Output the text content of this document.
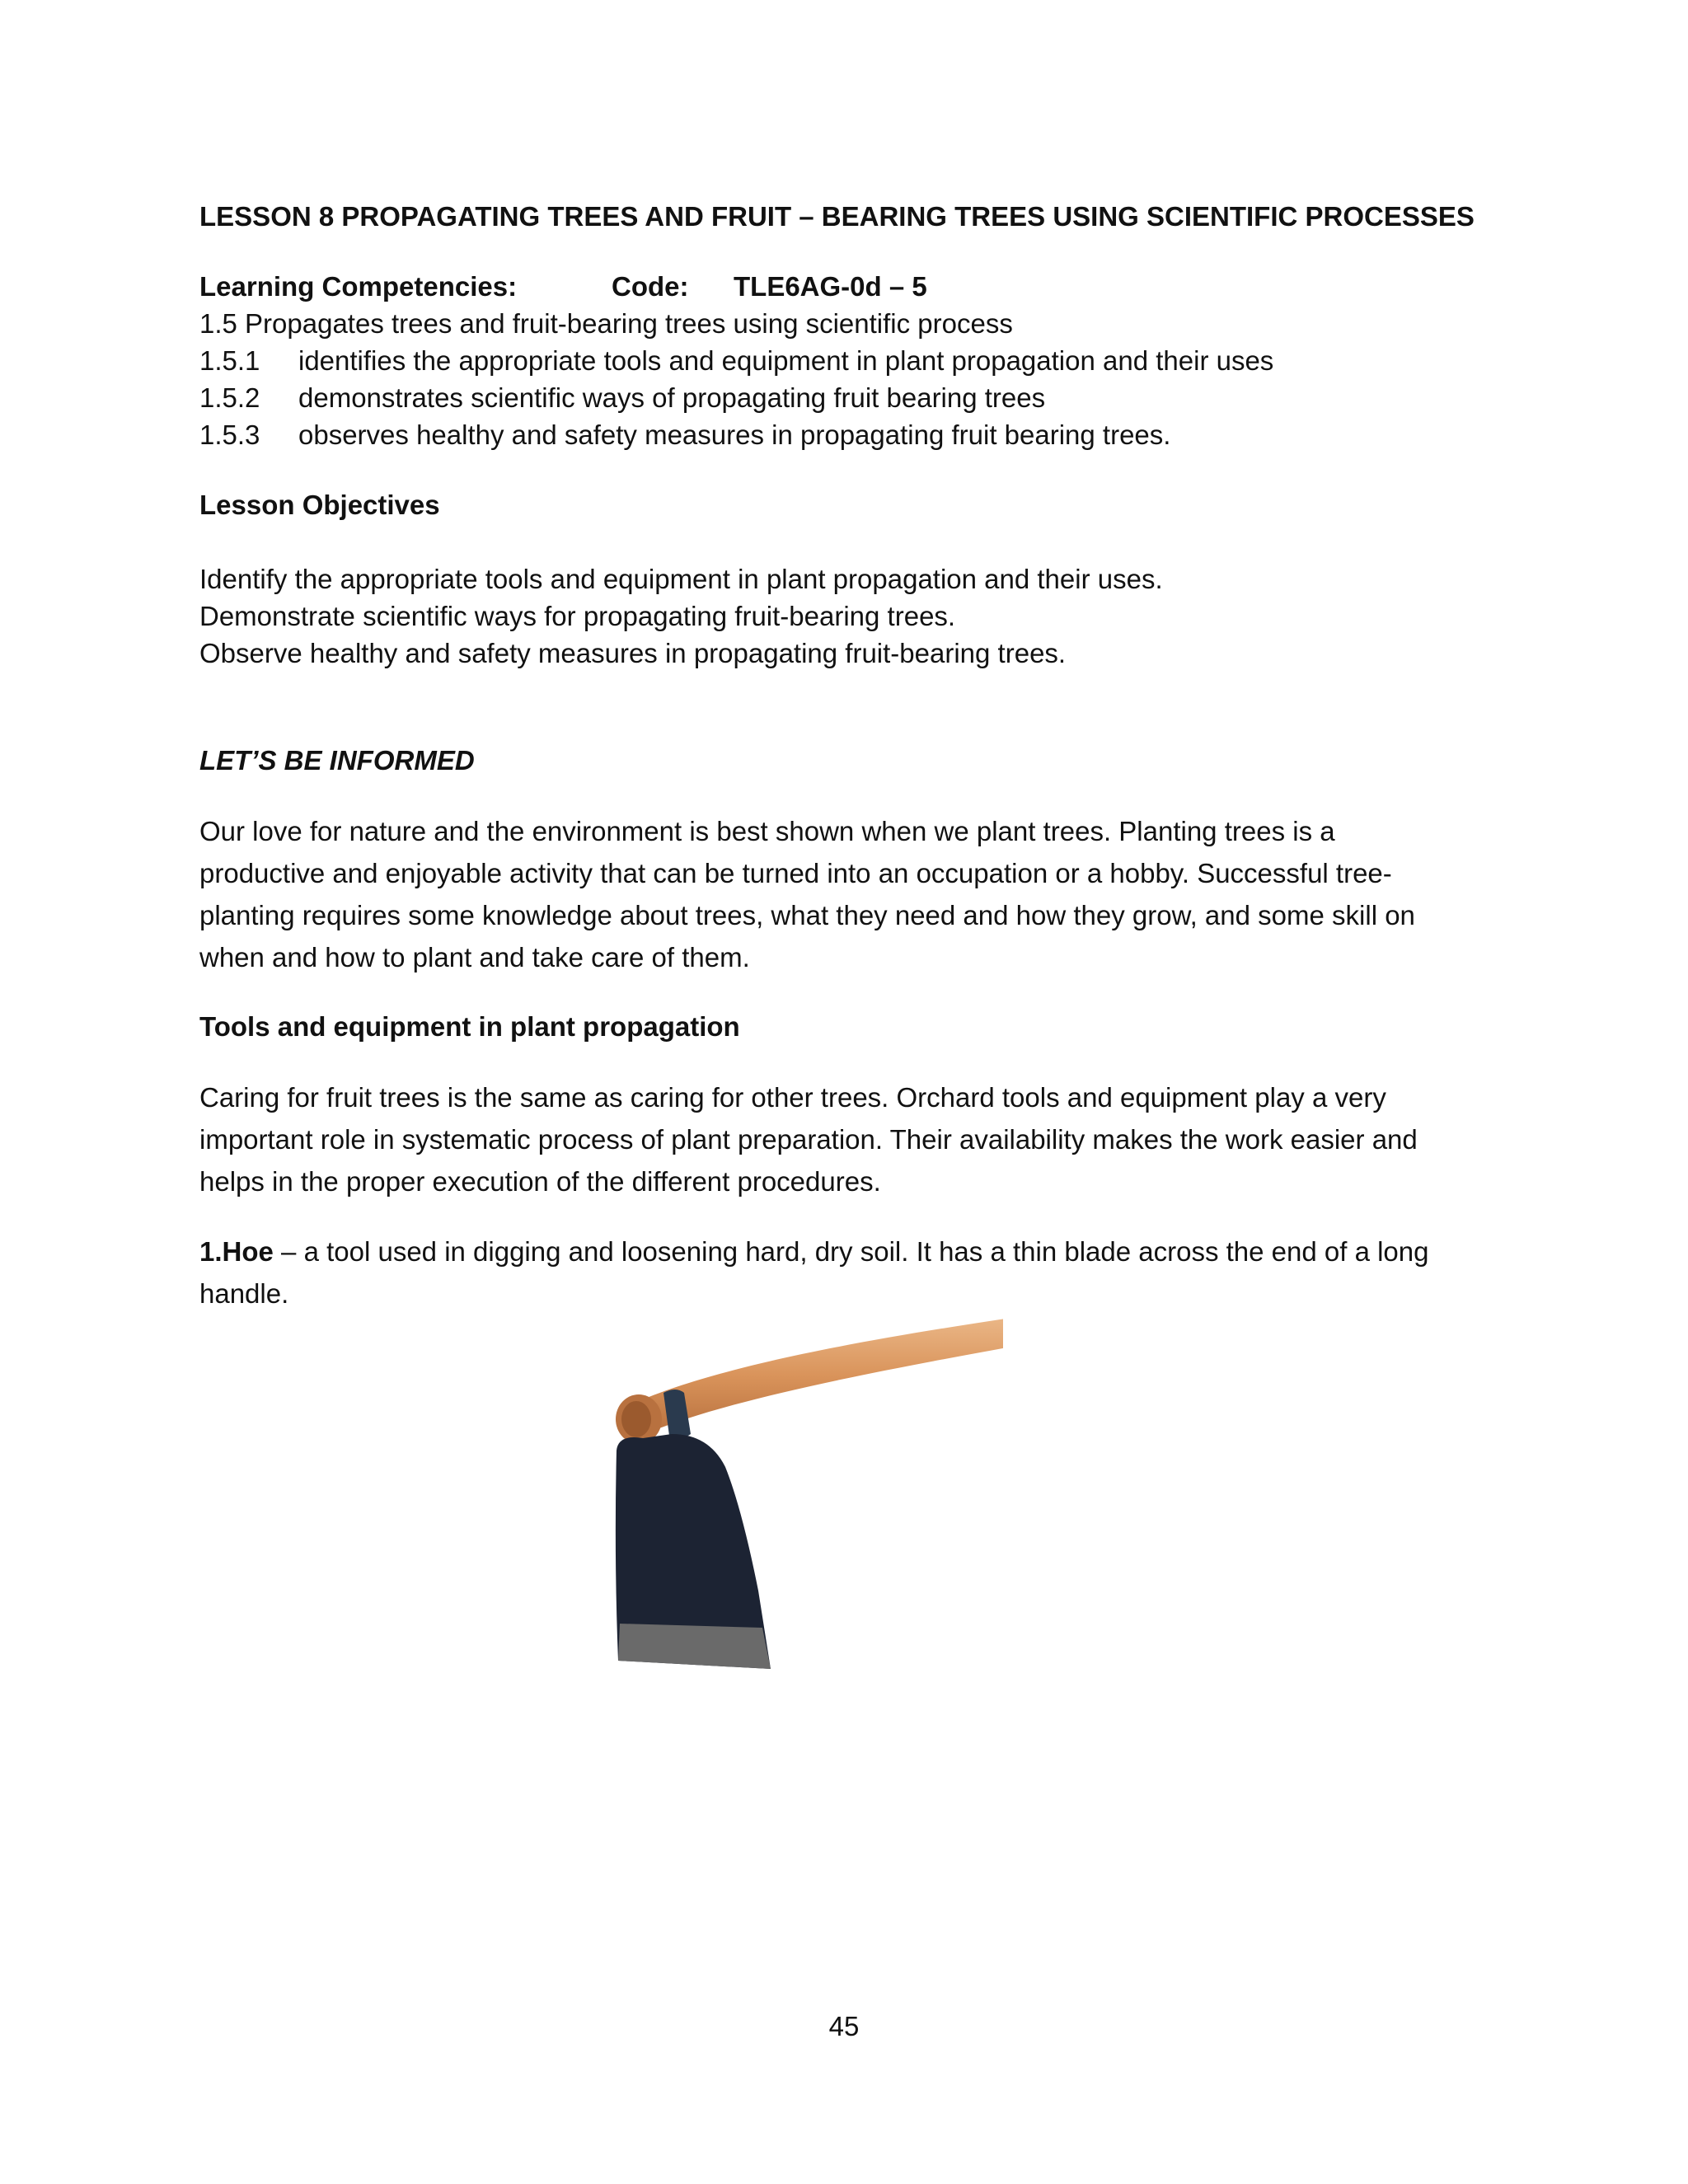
LESSON 8 PROPAGATING TREES AND FRUIT – BEARING TREES USING SCIENTIFIC PROCESSES

Learning Competencies:	Code:	TLE6AG-0d – 5

1.5 Propagates trees and fruit-bearing trees using scientific process

1.5.1	identifies the appropriate tools and equipment in plant propagation and their uses
1.5.2	demonstrates scientific ways of propagating fruit bearing trees
1.5.3	observes healthy and safety measures in propagating fruit bearing trees.

Lesson Objectives

Identify the appropriate tools and equipment in plant propagation and their uses.

Demonstrate scientific ways for propagating fruit-bearing trees.

Observe healthy and safety measures in propagating fruit-bearing trees.

LET’S BE INFORMED

Our love for nature and the environment is best shown when we plant trees. Planting trees is a

productive and enjoyable activity that can be turned into an occupation or a hobby. Successful tree-

planting requires some knowledge about trees, what they need and how they grow, and some skill on

when and how to plant and take care of them.

Tools and equipment in plant propagation

Caring for fruit trees is the same as caring for other trees. Orchard tools and equipment play a very

important role in systematic process of plant preparation. Their availability makes the work easier and

helps in the proper execution of the different procedures.

1.Hoe – a tool used in digging and loosening hard, dry soil. It has a thin blade across the end of a long

handle.

45
